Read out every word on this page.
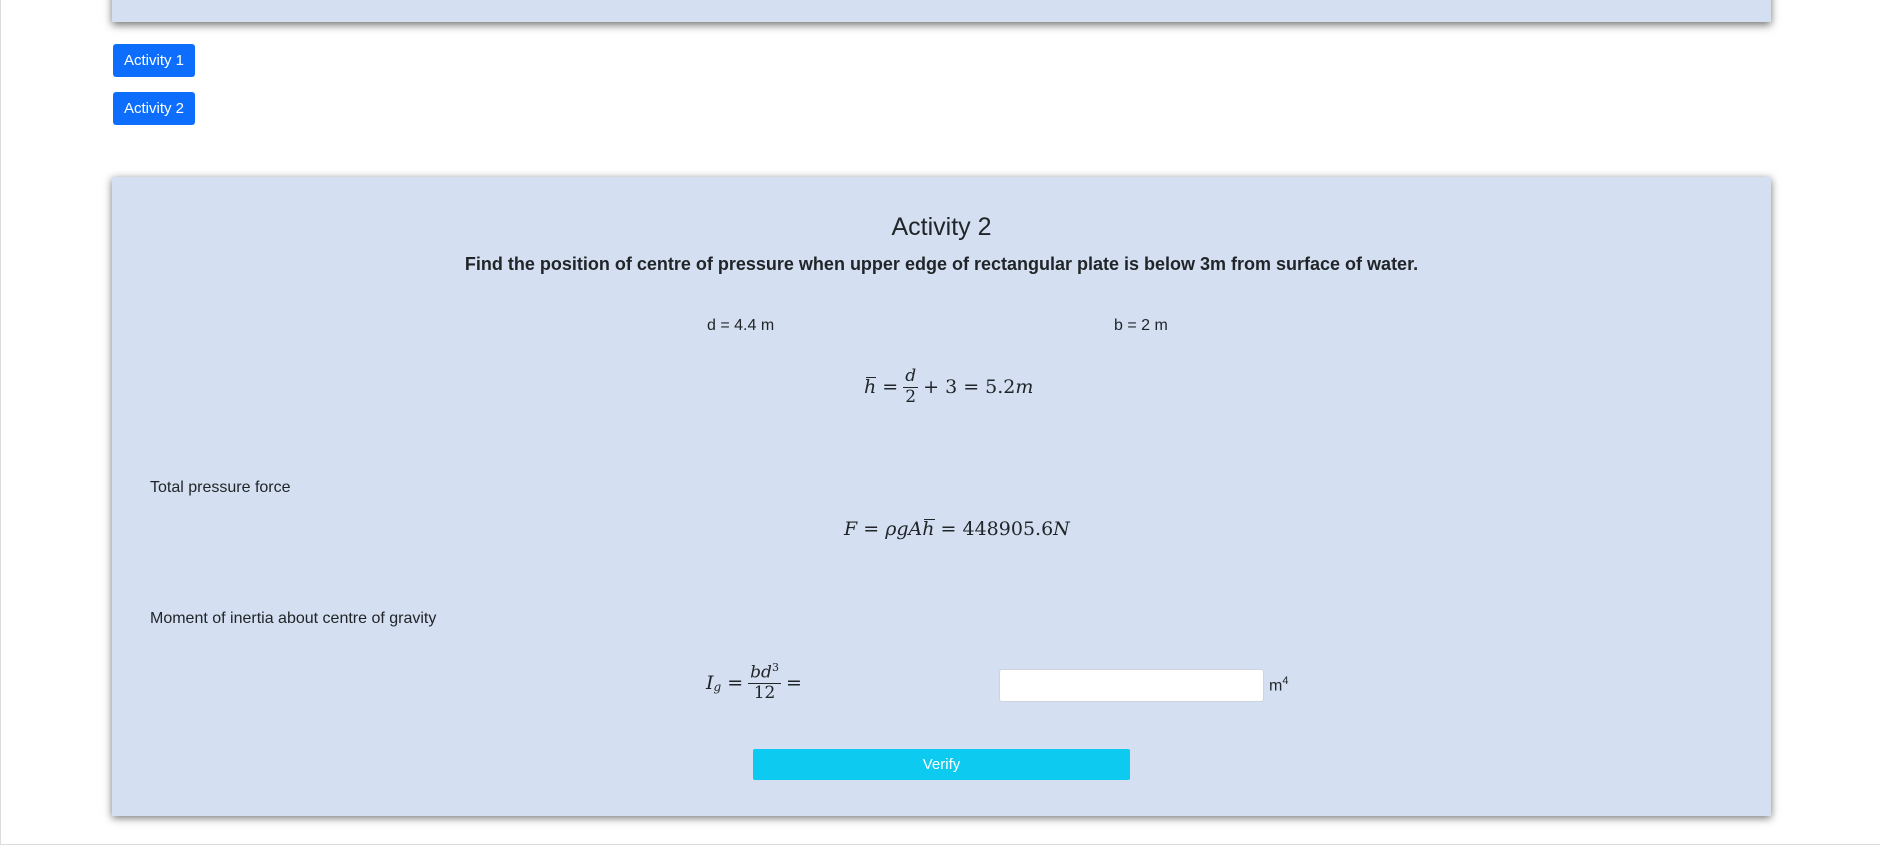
Activity 1
Activity 2
Activity 2
Find the position of centre of pressure when upper edge of rectangular plate is below 3m from surface of water.
d = 4.4 m	b = 2 m
$h = \frac{d}{2} + 3 = 5.2$ m
Total pressure force
F
= ρgA h
= 448905.6 N
Moment of inertia about centre of gravity
$I_g = \frac{bd^3}{12}$ =	$m^4$
Verify
